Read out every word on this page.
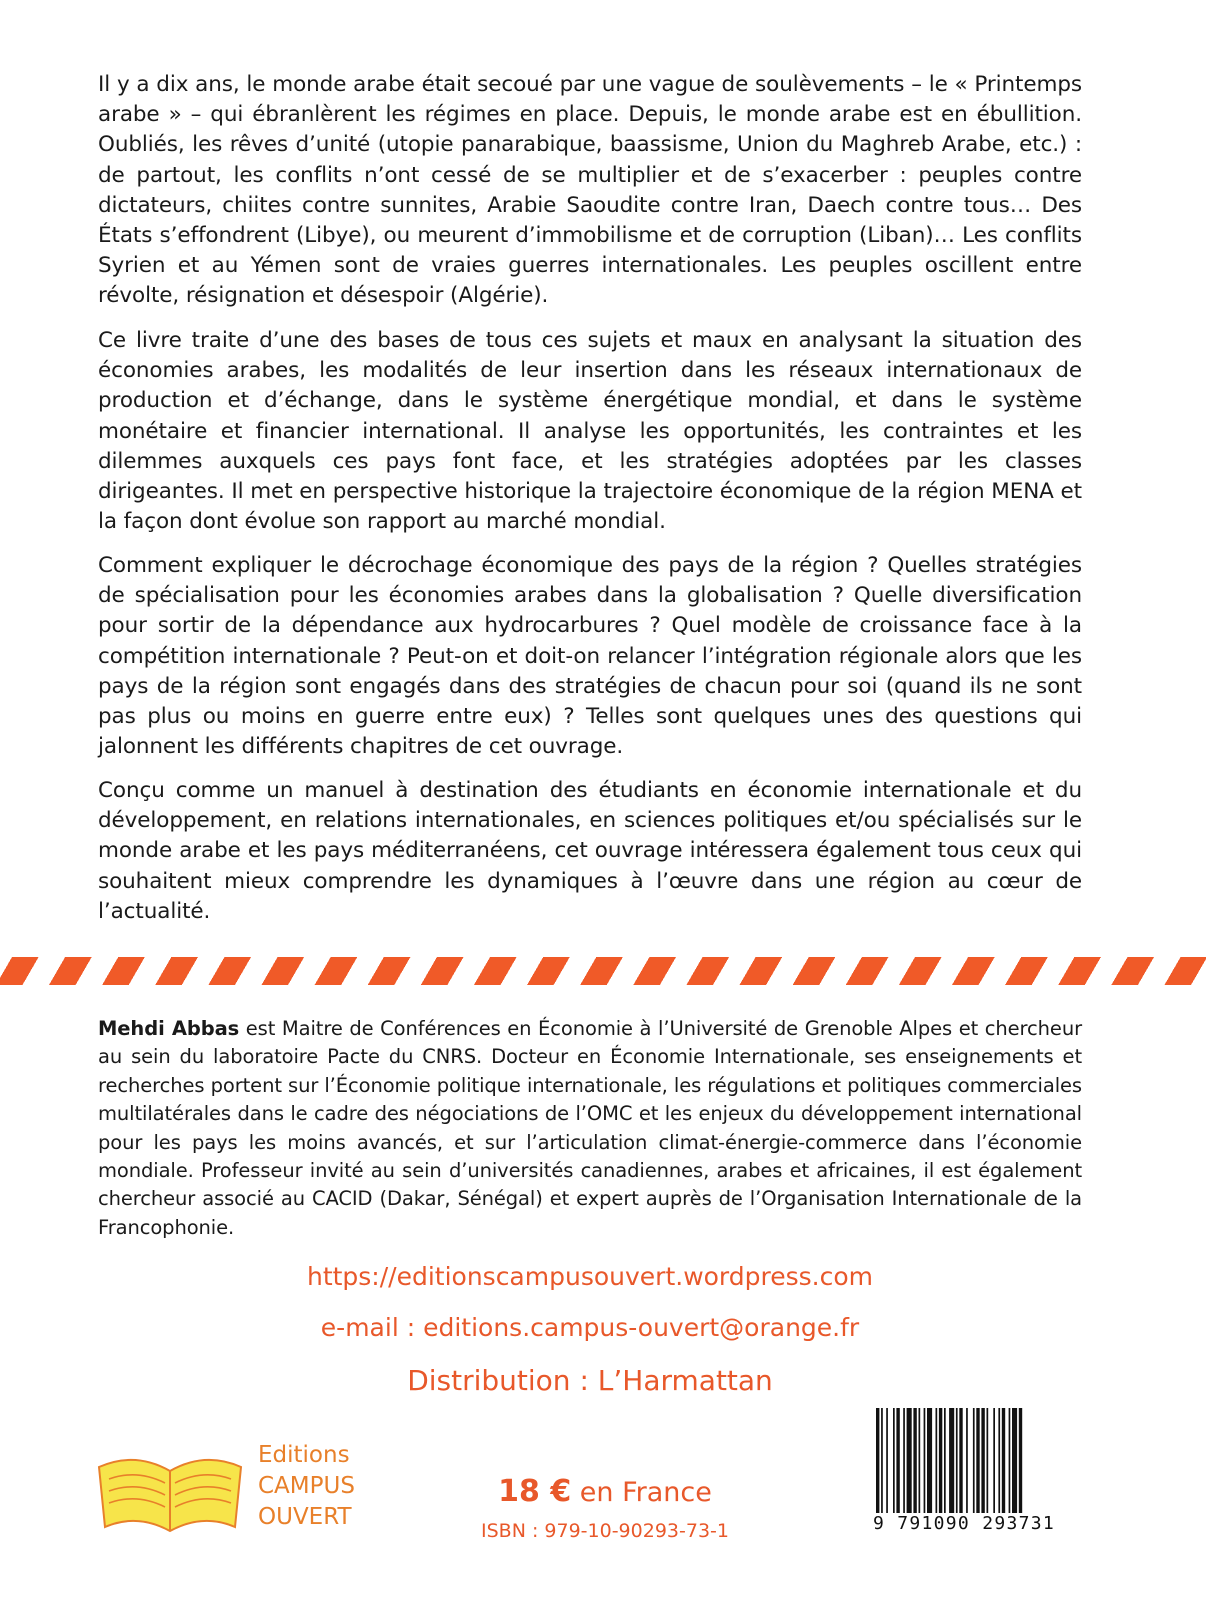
Il y a dix ans, le monde arabe était secoué par une vague de soulèvements – le « Printemps arabe » – qui ébranlèrent les régimes en place. Depuis, le monde arabe est en ébullition. Oubliés, les rêves d’unité (utopie panarabique, baassisme, Union du Maghreb Arabe, etc.) : de partout, les conflits n’ont cessé de se multiplier et de s’exacerber : peuples contre dictateurs, chiites contre sunnites, Arabie Saoudite contre Iran, Daech contre tous… Des États s’effondrent (Libye), ou meurent d’immobilisme et de corruption (Liban)… Les conflits Syrien et au Yémen sont de vraies guerres internationales. Les peuples oscillent entre révolte, résignation et désespoir (Algérie).

Ce livre traite d’une des bases de tous ces sujets et maux en analysant la situation des économies arabes, les modalités de leur insertion dans les réseaux internationaux de production et d’échange, dans le système énergétique mondial, et dans le système monétaire et financier international. Il analyse les opportunités, les contraintes et les dilemmes auxquels ces pays font face, et les stratégies adoptées par les classes dirigeantes. Il met en perspective historique la trajectoire économique de la région MENA et la façon dont évolue son rapport au marché mondial.

Comment expliquer le décrochage économique des pays de la région ? Quelles stratégies de spécialisation pour les économies arabes dans la globalisation ? Quelle diversification pour sortir de la dépendance aux hydrocarbures ? Quel modèle de croissance face à la compétition internationale ? Peut-on et doit-on relancer l’intégration régionale alors que les pays de la région sont engagés dans des stratégies de chacun pour soi (quand ils ne sont pas plus ou moins en guerre entre eux) ? Telles sont quelques unes des questions qui jalonnent les différents chapitres de cet ouvrage.

Conçu comme un manuel à destination des étudiants en économie internationale et du développement, en relations internationales, en sciences politiques et/ou spécialisés sur le monde arabe et les pays méditerranéens, cet ouvrage intéressera également tous ceux qui souhaitent mieux comprendre les dynamiques à l’œuvre dans une région au cœur de l’actualité.

Mehdi Abbas est Maitre de Conférences en Économie à l’Université de Grenoble Alpes et chercheur au sein du laboratoire Pacte du CNRS. Docteur en Économie Internationale, ses enseignements et recherches portent sur l’Économie politique internationale, les régulations et politiques commerciales multilatérales dans le cadre des négociations de l’OMC et les enjeux du développement international pour les pays les moins avancés, et sur l’articulation climat-énergie-commerce dans l’économie mondiale. Professeur invité au sein d’universités canadiennes, arabes et africaines, il est également chercheur associé au CACID (Dakar, Sénégal) et expert auprès de l’Organisation Internationale de la Francophonie.

https://editionscampusouvert.wordpress.com
e-mail : editions.campus-ouvert@orange.fr
Distribution : L’Harmattan
Editions
CAMPUS
OUVERT
18 € en France
ISBN : 979-10-90293-73-1	9 791090 293731
